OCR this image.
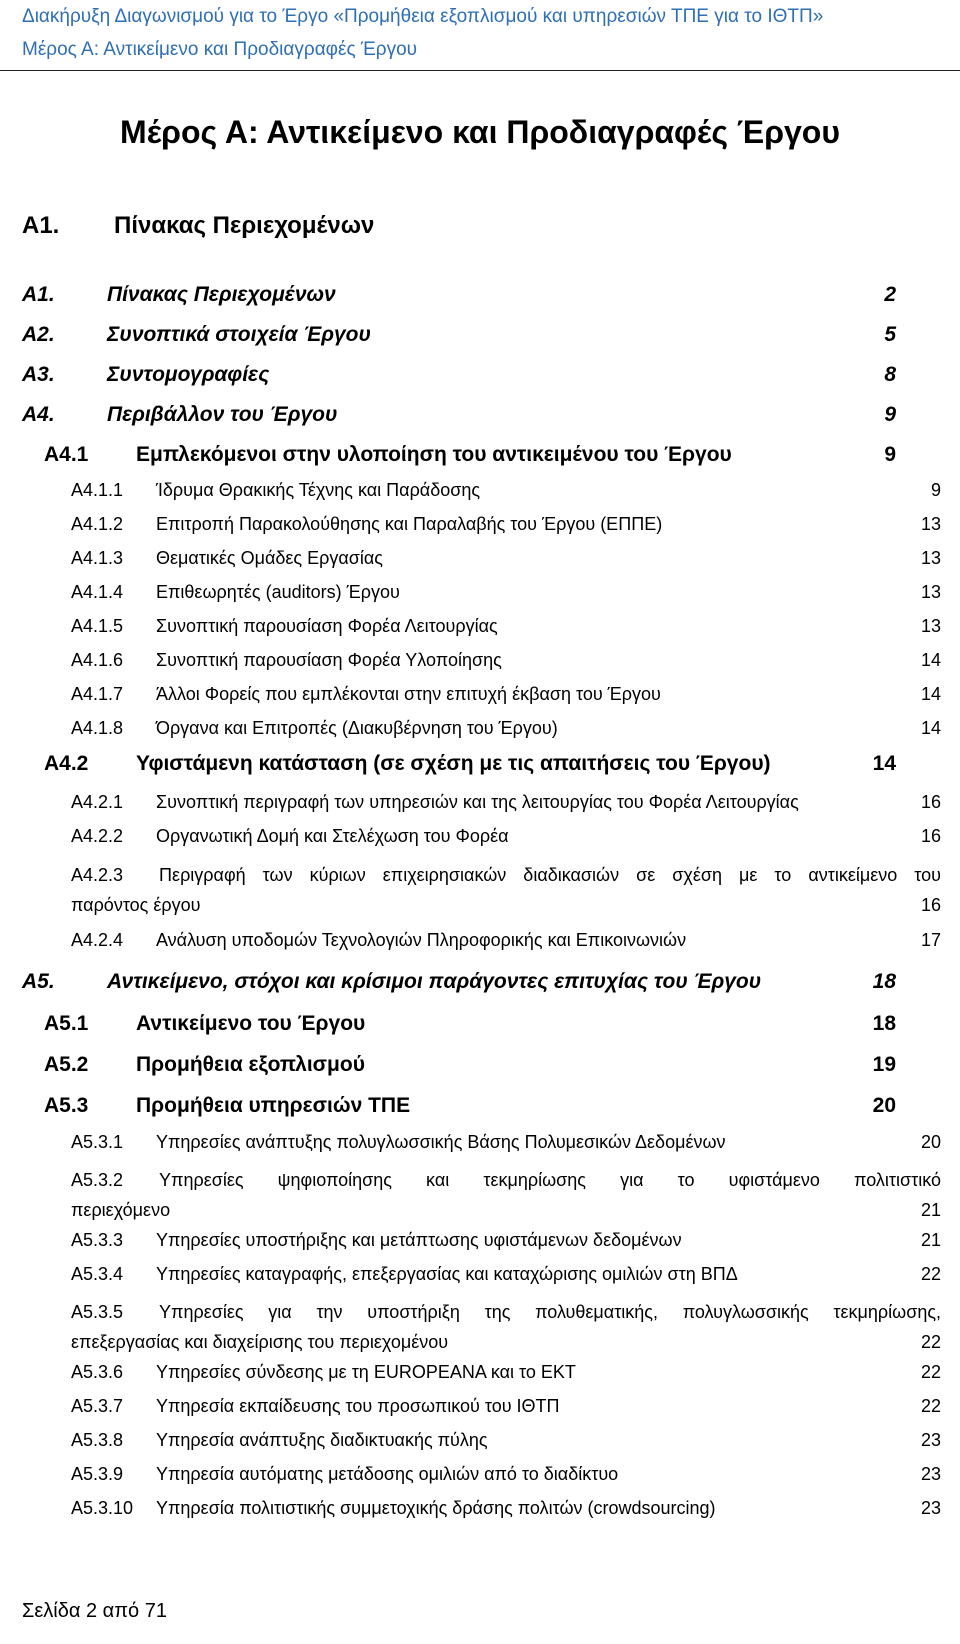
Διακήρυξη Διαγωνισμού για το Έργο «Προμήθεια εξοπλισμού και υπηρεσιών ΤΠΕ για το ΙΘΤΠ»
Μέρος Α: Αντικείμενο και Προδιαγραφές Έργου
Μέρος Α: Αντικείμενο και Προδιαγραφές Έργου
Α1. Πίνακας Περιεχομένων
Α1. Πίνακας Περιεχομένων	2
Α2. Συνοπτικά στοιχεία Έργου	5
Α3. Συντομογραφίες	8
Α4. Περιβάλλον του Έργου	9
Α4.1 Εμπλεκόμενοι στην υλοποίηση του αντικειμένου του Έργου	9
Α4.1.1 Ίδρυμα Θρακικής Τέχνης και Παράδοσης	9
Α4.1.2 Επιτροπή Παρακολούθησης και Παραλαβής του Έργου (ΕΠΠΕ)	13
Α4.1.3 Θεματικές Ομάδες Εργασίας	13
Α4.1.4 Επιθεωρητές (auditors) Έργου	13
Α4.1.5 Συνοπτική παρουσίαση Φορέα Λειτουργίας	13
Α4.1.6 Συνοπτική παρουσίαση Φορέα Υλοποίησης	14
Α4.1.7 Άλλοι Φορείς που εμπλέκονται στην επιτυχή έκβαση του Έργου	14
Α4.1.8 Όργανα και Επιτροπές (Διακυβέρνηση του Έργου)	14
Α4.2 Υφιστάμενη κατάσταση (σε σχέση με τις απαιτήσεις του Έργου)	14
Α4.2.1 Συνοπτική περιγραφή των υπηρεσιών και της λειτουργίας του Φορέα Λειτουργίας	16
Α4.2.2 Οργανωτική Δομή και Στελέχωση του Φορέα	16
Α4.2.3   Περιγραφή των κύριων επιχειρησιακών διαδικασιών σε σχέση με το αντικείμενο του
παρόντος έργου	16
Α4.2.4 Ανάλυση υποδομών Τεχνολογιών Πληροφορικής και Επικοινωνιών	17
Α5. Αντικείμενο, στόχοι και κρίσιμοι παράγοντες επιτυχίας του Έργου	18
Α5.1 Αντικείμενο του Έργου	18
Α5.2 Προμήθεια εξοπλισμού	19
Α5.3 Προμήθεια υπηρεσιών ΤΠΕ	20
Α5.3.1 Υπηρεσίες ανάπτυξης πολυγλωσσικής Βάσης Πολυμεσικών Δεδομένων	20
Α5.3.2   Υπηρεσίες ψηφιοποίησης και τεκμηρίωσης για το υφιστάμενο πολιτιστικό
περιεχόμενο	21
Α5.3.3 Υπηρεσίες υποστήριξης και μετάπτωσης υφιστάμενων δεδομένων	21
Α5.3.4 Υπηρεσίες καταγραφής, επεξεργασίας και καταχώρισης ομιλιών στη ΒΠΔ	22
Α5.3.5   Υπηρεσίες για την υποστήριξη της πολυθεματικής, πολυγλωσσικής τεκμηρίωσης,
επεξεργασίας και διαχείρισης του περιεχομένου	22
Α5.3.6 Υπηρεσίες σύνδεσης με τη EUROPEANA και το ΕΚΤ	22
Α5.3.7 Υπηρεσία εκπαίδευσης του προσωπικού του ΙΘΤΠ	22
Α5.3.8 Υπηρεσία ανάπτυξης διαδικτυακής πύλης	23
Α5.3.9 Υπηρεσία αυτόματης μετάδοσης ομιλιών από το διαδίκτυο	23
Α5.3.10 Υπηρεσία πολιτιστικής συμμετοχικής δράσης πολιτών (crowdsourcing)	23
Σελίδα 2 από 71
